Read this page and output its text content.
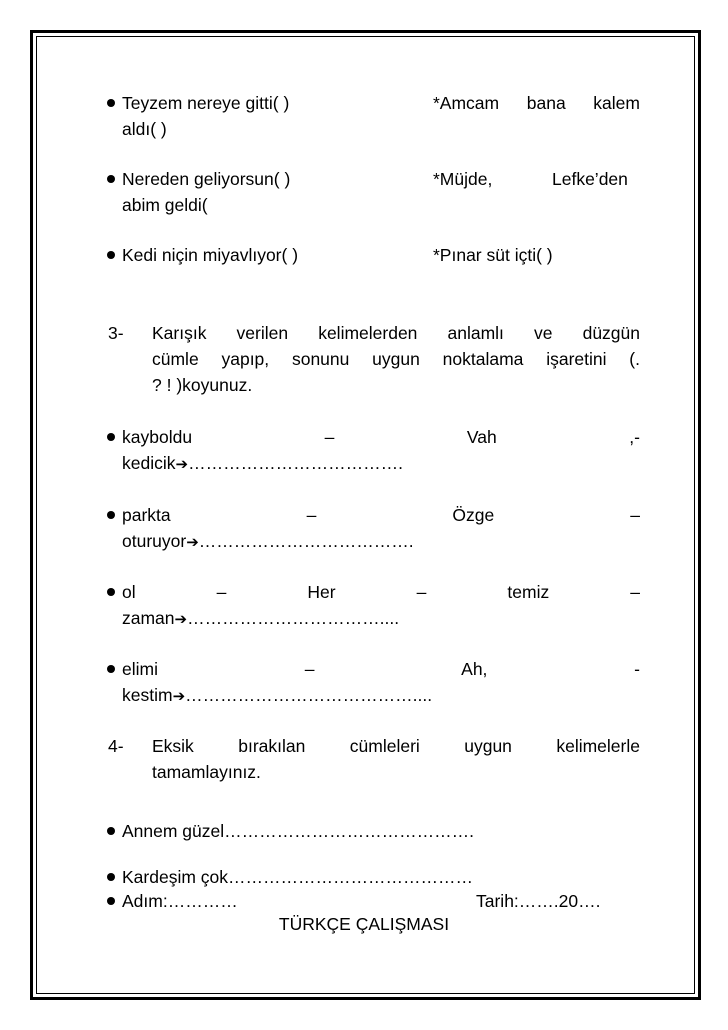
Teyzem nereye gitti( )	*Amcam bana kalem
aldı( )
Nereden geliyorsun( )	*Müjde,	Lefke’den
abim geldi(
Kedi niçin miyavlıyor( )	*Pınar süt içti( )
3- Karışık verilen kelimelerden anlamlı ve düzgün
cümle yapıp, sonunu uygun noktalama işaretini (.
? ! )koyunuz.
kayboldu	–	Vah	,-
kedicik➔……………………………….
parkta	–	Özge	–
oturuyor➔……………………………….
ol	–	Her	–	temiz	–
zaman➔……………………………....
elimi	–	Ah,	-
kestim➔…………………………………....
4- Eksik	bırakılan	cümleleri	uygun	kelimelerle
tamamlayınız.
Annem güzel…………………………………….
Kardeşim çok……………………………………
Adım:…………	Tarih:…….20….
TÜRKÇE ÇALIŞMASI
